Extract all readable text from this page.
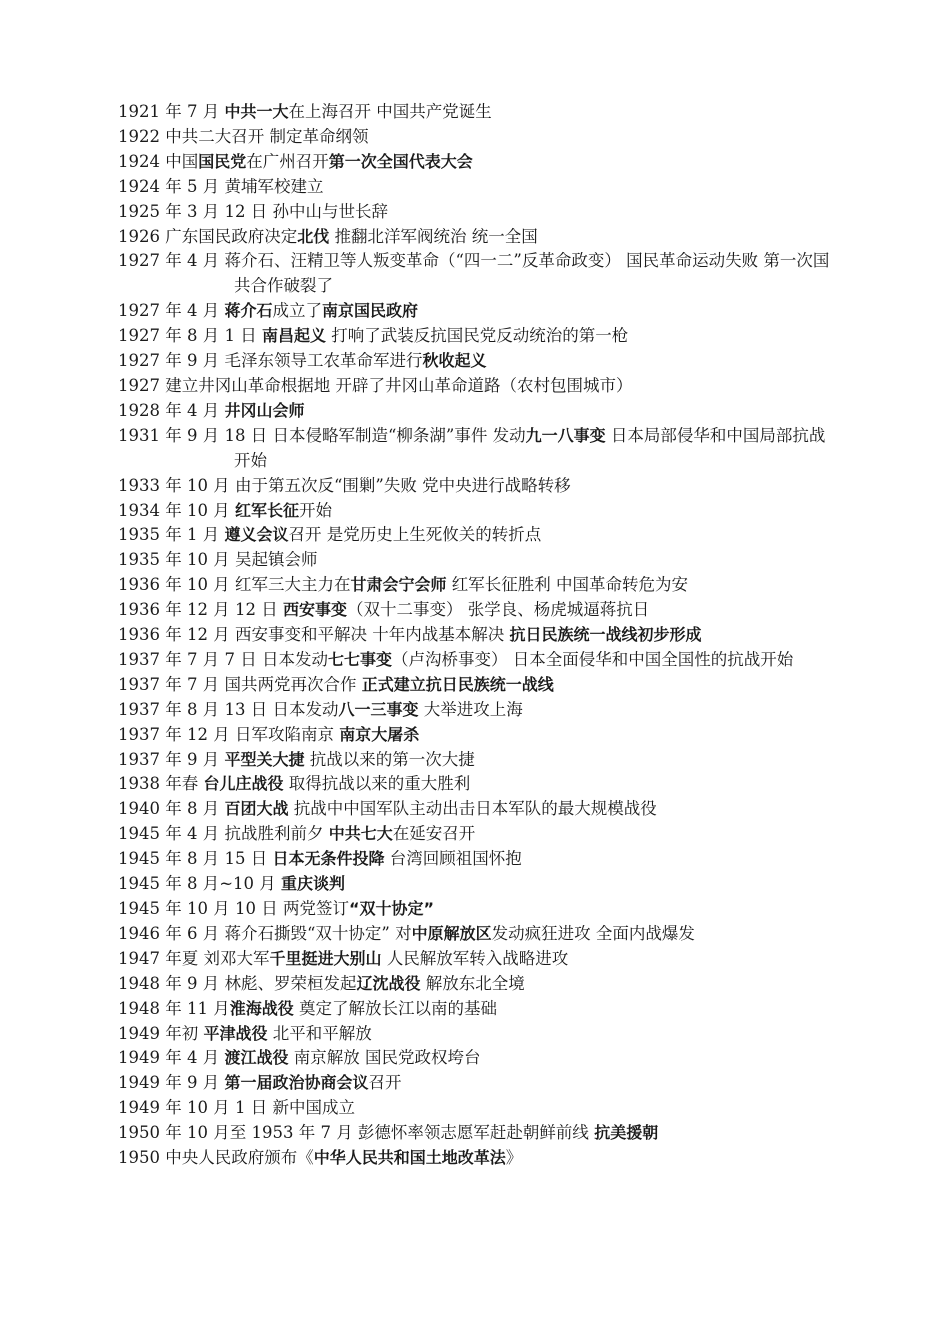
1921 年 7 月 中共一大在上海召开 中国共产党诞生
1922 中共二大召开 制定革命纲领
1924 中国国民党在广州召开第一次全国代表大会
1924 年 5 月 黄埔军校建立
1925 年 3 月 12 日 孙中山与世长辞
1926 广东国民政府决定北伐 推翻北洋军阀统治 统一全国
1927 年 4 月 蒋介石、汪精卫等人叛变革命（“四一二”反革命政变） 国民革命运动失败 第一次国共合作破裂了
1927 年 4 月 蒋介石成立了南京国民政府
1927 年 8 月 1 日 南昌起义 打响了武装反抗国民党反动统治的第一枪
1927 年 9 月 毛泽东领导工农革命军进行秋收起义
1927 建立井冈山革命根据地 开辟了井冈山革命道路（农村包围城市）
1928 年 4 月 井冈山会师
1931 年 9 月 18 日 日本侵略军制造“柳条湖”事件 发动九一八事变 日本局部侵华和中国局部抗战开始
1933 年 10 月 由于第五次反“围剿”失败 党中央进行战略转移
1934 年 10 月 红军长征开始
1935 年 1 月 遵义会议召开 是党历史上生死攸关的转折点
1935 年 10 月 吴起镇会师
1936 年 10 月 红军三大主力在甘肃会宁会师 红军长征胜利 中国革命转危为安
1936 年 12 月 12 日 西安事变（双十二事变） 张学良、杨虎城逼蒋抗日
1936 年 12 月 西安事变和平解决 十年内战基本解决 抗日民族统一战线初步形成
1937 年 7 月 7 日 日本发动七七事变（卢沟桥事变） 日本全面侵华和中国全国性的抗战开始
1937 年 7 月 国共两党再次合作 正式建立抗日民族统一战线
1937 年 8 月 13 日 日本发动八一三事变 大举进攻上海
1937 年 12 月 日军攻陷南京 南京大屠杀
1937 年 9 月 平型关大捷 抗战以来的第一次大捷
1938 年春 台儿庄战役 取得抗战以来的重大胜利
1940 年 8 月 百团大战 抗战中中国军队主动出击日本军队的最大规模战役
1945 年 4 月 抗战胜利前夕 中共七大在延安召开
1945 年 8 月 15 日 日本无条件投降 台湾回顾祖国怀抱
1945 年 8 月~10 月 重庆谈判
1945 年 10 月 10 日 两党签订“双十协定”
1946 年 6 月 蒋介石撕毁“双十协定” 对中原解放区发动疯狂进攻 全面内战爆发
1947 年夏 刘邓大军千里挺进大别山 人民解放军转入战略进攻
1948 年 9 月 林彪、罗荣桓发起辽沈战役 解放东北全境
1948 年 11 月淮海战役 奠定了解放长江以南的基础
1949 年初 平津战役 北平和平解放
1949 年 4 月 渡江战役 南京解放 国民党政权垮台
1949 年 9 月 第一届政治协商会议召开
1949 年 10 月 1 日 新中国成立
1950 年 10 月至 1953 年 7 月 彭德怀率领志愿军赶赴朝鲜前线 抗美援朝
1950 中央人民政府颁布《中华人民共和国土地改革法》
